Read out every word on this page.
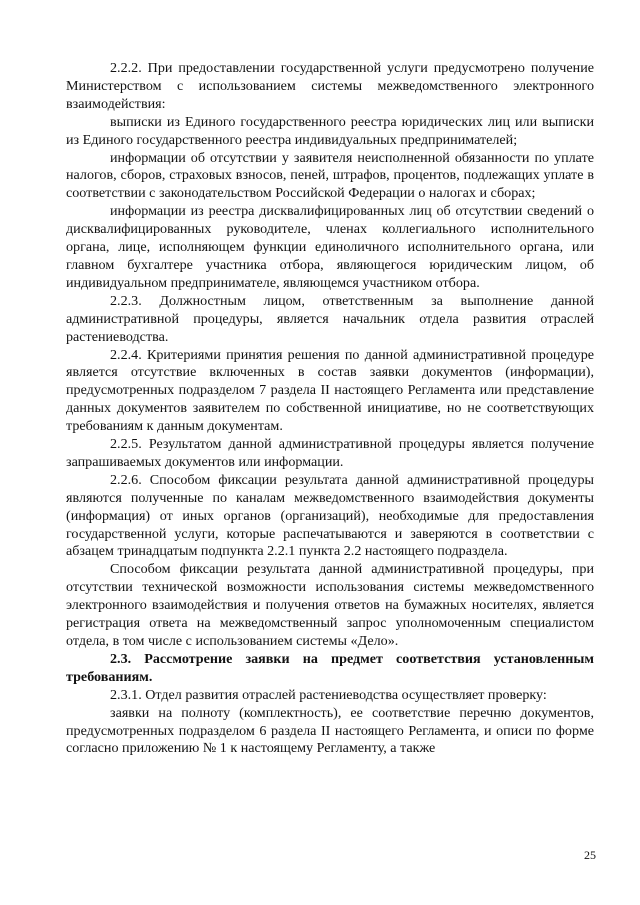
2.2.2. При предоставлении государственной услуги предусмотрено получение Министерством с использованием системы межведомственного электронного взаимодействия:

выписки из Единого государственного реестра юридических лиц или выписки из Единого государственного реестра индивидуальных предпринимателей;

информации об отсутствии у заявителя неисполненной обязанности по уплате налогов, сборов, страховых взносов, пеней, штрафов, процентов, подлежащих уплате в соответствии с законодательством Российской Федерации о налогах и сборах;

информации из реестра дисквалифицированных лиц об отсутствии сведений о дисквалифицированных руководителе, членах коллегиального исполнительного органа, лице, исполняющем функции единоличного исполнительного органа, или главном бухгалтере участника отбора, являющегося юридическим лицом, об индивидуальном предпринимателе, являющемся участником отбора.

2.2.3. Должностным лицом, ответственным за выполнение данной административной процедуры, является начальник отдела развития отраслей растениеводства.

2.2.4. Критериями принятия решения по данной административной процедуре является отсутствие включенных в состав заявки документов (информации), предусмотренных подразделом 7 раздела II настоящего Регламента или представление данных документов заявителем по собственной инициативе, но не соответствующих требованиям к данным документам.

2.2.5. Результатом данной административной процедуры является получение запрашиваемых документов или информации.

2.2.6. Способом фиксации результата данной административной процедуры являются полученные по каналам межведомственного взаимодействия документы (информация) от иных органов (организаций), необходимые для предоставления государственной услуги, которые распечатываются и заверяются в соответствии с абзацем тринадцатым подпункта 2.2.1 пункта 2.2 настоящего подраздела.

Способом фиксации результата данной административной процедуры, при отсутствии технической возможности использования системы межведомственного электронного взаимодействия и получения ответов на бумажных носителях, является регистрация ответа на межведомственный запрос уполномоченным специалистом отдела, в том числе с использованием системы «Дело».

2.3. Рассмотрение заявки на предмет соответствия установленным требованиям.

2.3.1. Отдел развития отраслей растениеводства осуществляет проверку:

заявки на полноту (комплектность), ее соответствие перечню документов, предусмотренных подразделом 6 раздела II настоящего Регламента, и описи по форме согласно приложению № 1 к настоящему Регламенту, а также

25
